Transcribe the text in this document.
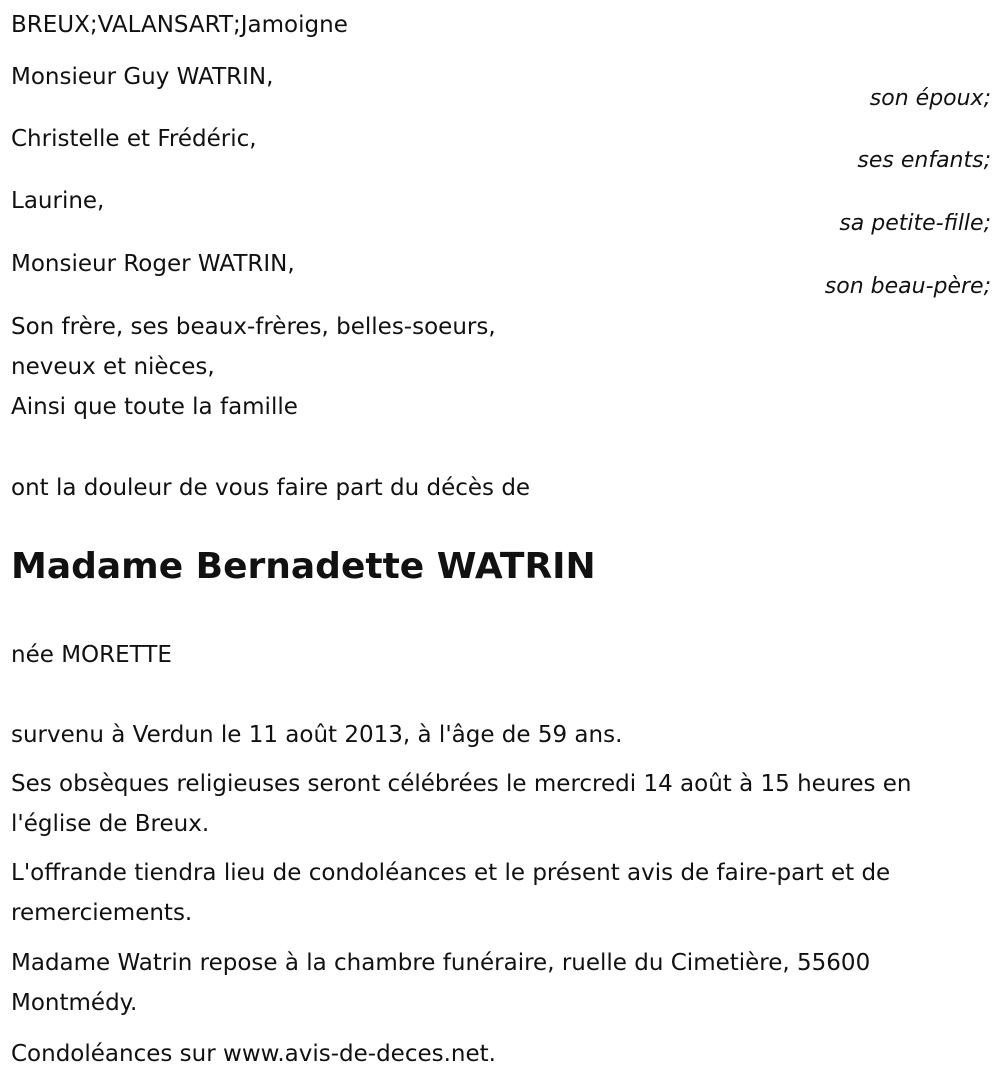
BREUX;VALANSART;Jamoigne
Monsieur Guy WATRIN,
son époux;
Christelle et Frédéric,
ses enfants;
Laurine,
sa petite-fille;
Monsieur Roger WATRIN,
son beau-père;
Son frère, ses beaux-frères, belles-soeurs,
neveux et nièces,
Ainsi que toute la famille
ont la douleur de vous faire part du décès de
Madame Bernadette WATRIN
née MORETTE
survenu à Verdun le 11 août 2013, à l'âge de 59 ans.
Ses obsèques religieuses seront célébrées le mercredi 14 août à 15 heures en l'église de Breux.
L'offrande tiendra lieu de condoléances et le présent avis de faire-part et de remerciements.
Madame Watrin repose à la chambre funéraire, ruelle du Cimetière, 55600 Montmédy.
Condoléances sur www.avis-de-deces.net.
